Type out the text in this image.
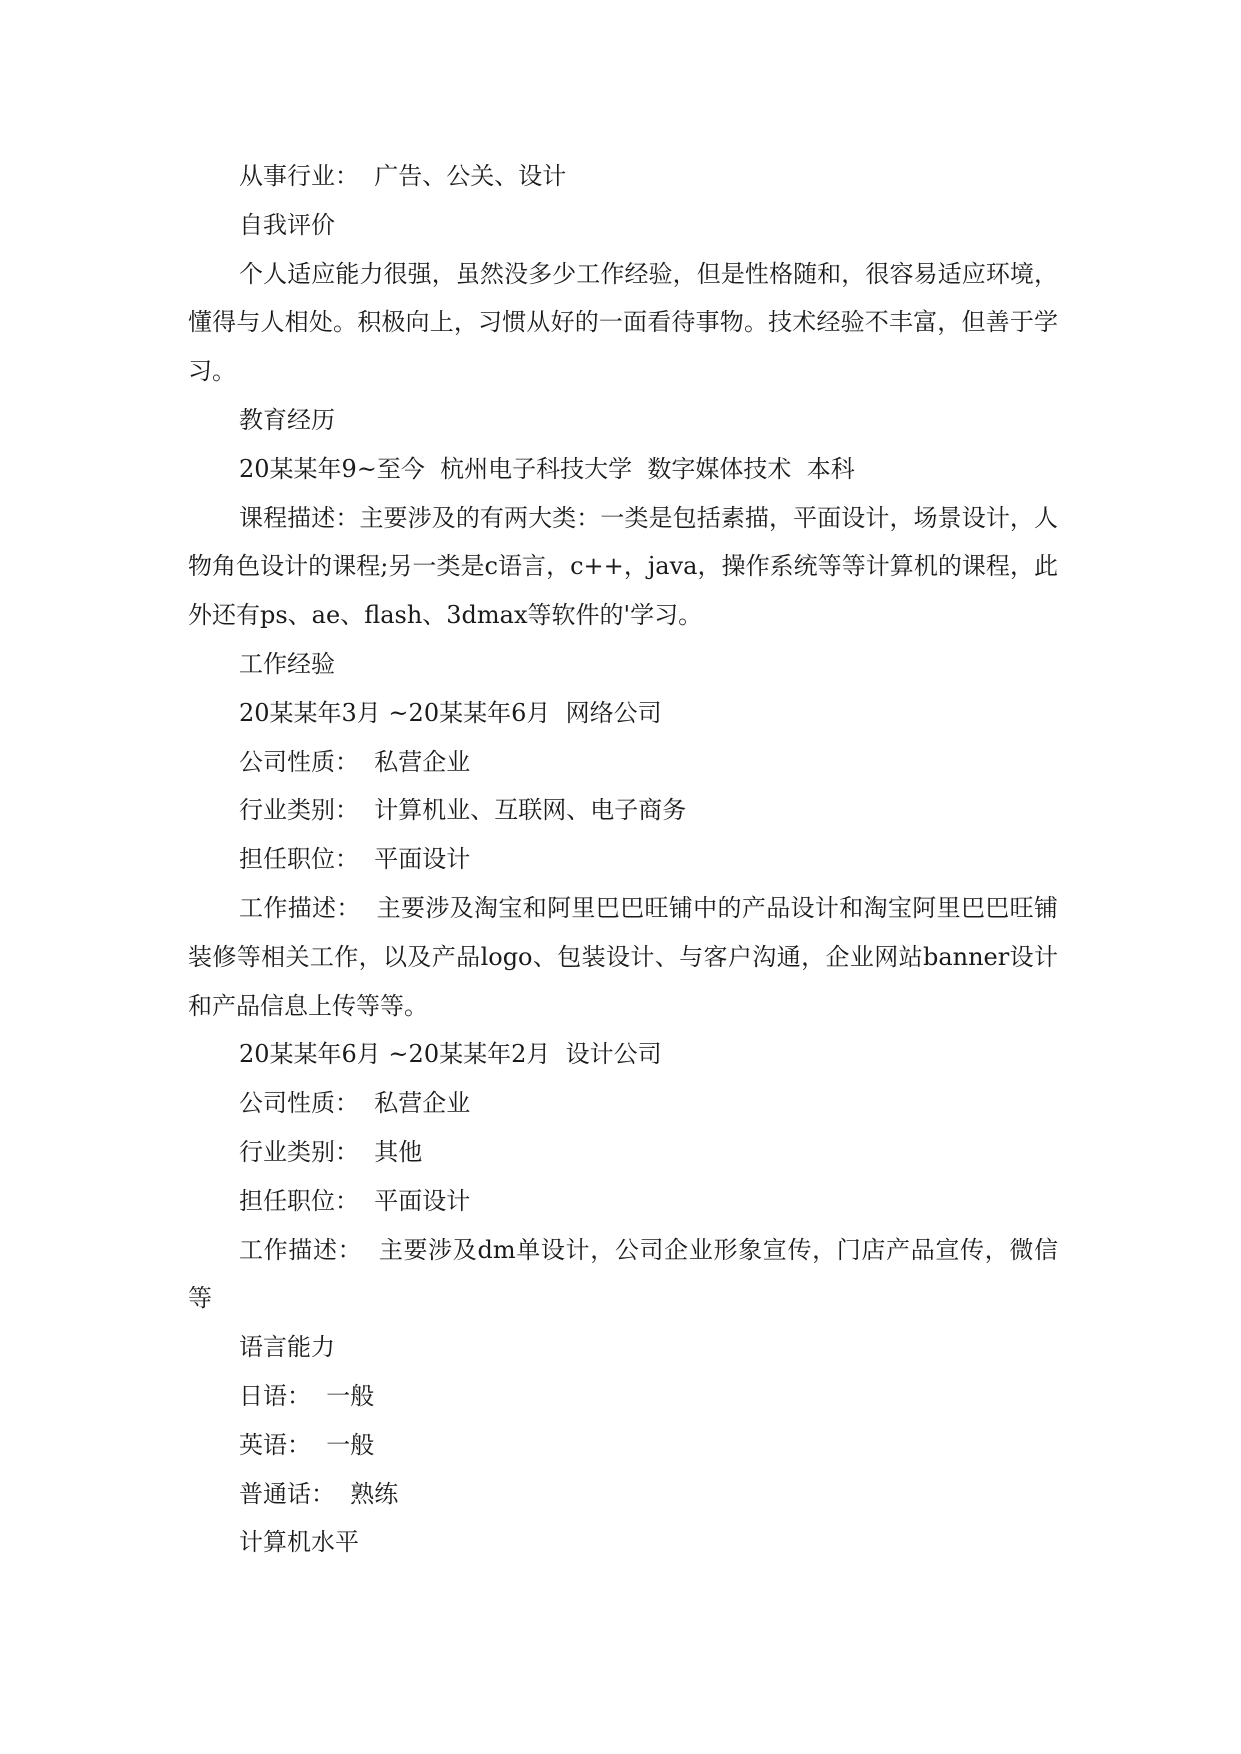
从事行业：  广告、公关、设计

自我评价

个人适应能力很强，虽然没多少工作经验，但是性格随和，很容易适应环境，懂得与人相处。积极向上，习惯从好的一面看待事物。技术经验不丰富，但善于学习。

教育经历

20某某年9~至今  杭州电子科技大学  数字媒体技术  本科

课程描述：主要涉及的有两大类：一类是包括素描，平面设计，场景设计，人物角色设计的课程;另一类是c语言，c++，java，操作系统等等计算机的课程，此外还有ps、ae、flash、3dmax等软件的'学习。

工作经验

20某某年3月 ~20某某年6月  网络公司

公司性质：  私营企业

行业类别：  计算机业、互联网、电子商务

担任职位：  平面设计

工作描述：  主要涉及淘宝和阿里巴巴旺铺中的产品设计和淘宝阿里巴巴旺铺装修等相关工作，以及产品logo、包装设计、与客户沟通，企业网站banner设计和产品信息上传等等。

20某某年6月 ~20某某年2月  设计公司

公司性质：  私营企业

行业类别：  其他

担任职位：  平面设计

工作描述：  主要涉及dm单设计，公司企业形象宣传，门店产品宣传，微信等

语言能力

日语：  一般

英语：  一般

普通话：  熟练

计算机水平
